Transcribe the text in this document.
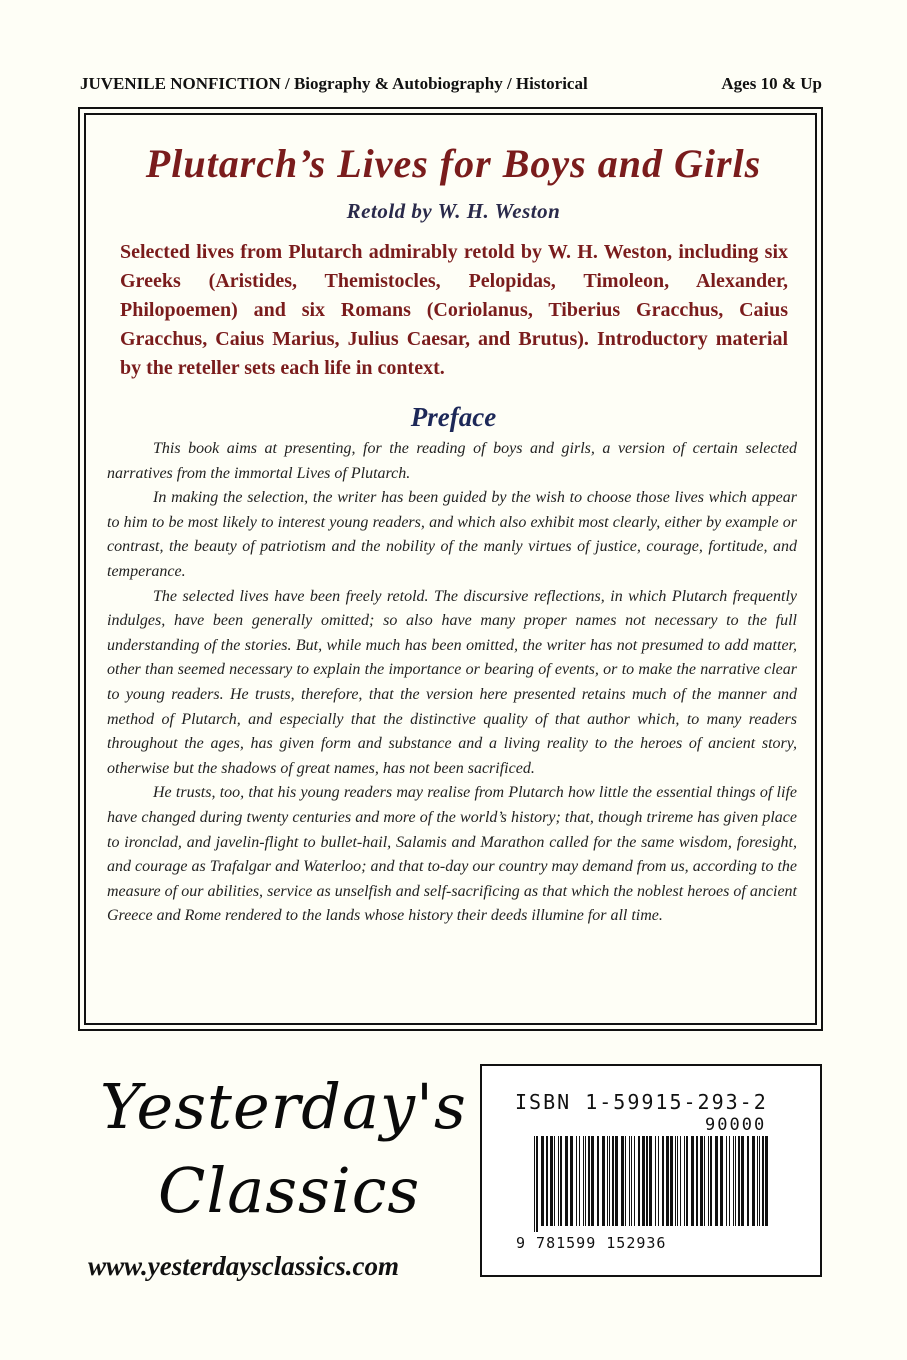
JUVENILE NONFICTION / Biography & Autobiography / Historical	Ages 10 & Up
Plutarch’s Lives for Boys and Girls
Retold by W. H. Weston

Selected lives from Plutarch admirably retold by W. H. Weston, including six Greeks (Aristides, Themistocles, Pelopidas, Timoleon, Alexander, Philopoemen) and six Romans (Coriolanus, Tiberius Gracchus, Caius Gracchus, Caius Marius, Julius Caesar, and Brutus). Introductory material by the reteller sets each life in context.

Preface

This book aims at presenting, for the reading of boys and girls, a version of certain selected narratives from the immortal Lives of Plutarch.

In making the selection, the writer has been guided by the wish to choose those lives which appear to him to be most likely to interest young readers, and which also exhibit most clearly, either by example or contrast, the beauty of patriotism and the nobility of the manly virtues of justice, courage, fortitude, and temperance.

The selected lives have been freely retold. The discursive reflections, in which Plutarch frequently indulges, have been generally omitted; so also have many proper names not necessary to the full understanding of the stories. But, while much has been omitted, the writer has not presumed to add matter, other than seemed necessary to explain the importance or bearing of events, or to make the narrative clear to young readers. He trusts, therefore, that the version here presented retains much of the manner and method of Plutarch, and especially that the distinctive quality of that author which, to many readers throughout the ages, has given form and substance and a living reality to the heroes of ancient story, otherwise but the shadows of great names, has not been sacrificed.

He trusts, too, that his young readers may realise from Plutarch how little the essential things of life have changed during twenty centuries and more of the world’s history; that, though trireme has given place to ironclad, and javelin-flight to bullet-hail, Salamis and Marathon called for the same wisdom, foresight, and courage as Trafalgar and Waterloo; and that to-day our country may demand from us, according to the measure of our abilities, service as unselfish and self-sacrificing as that which the noblest heroes of ancient Greece and Rome rendered to the lands whose history their deeds illumine for all time.

Yesterday's
Classics
www.yesterdaysclassics.com
ISBN 1-59915-293-2
90000
9 781599 152936
